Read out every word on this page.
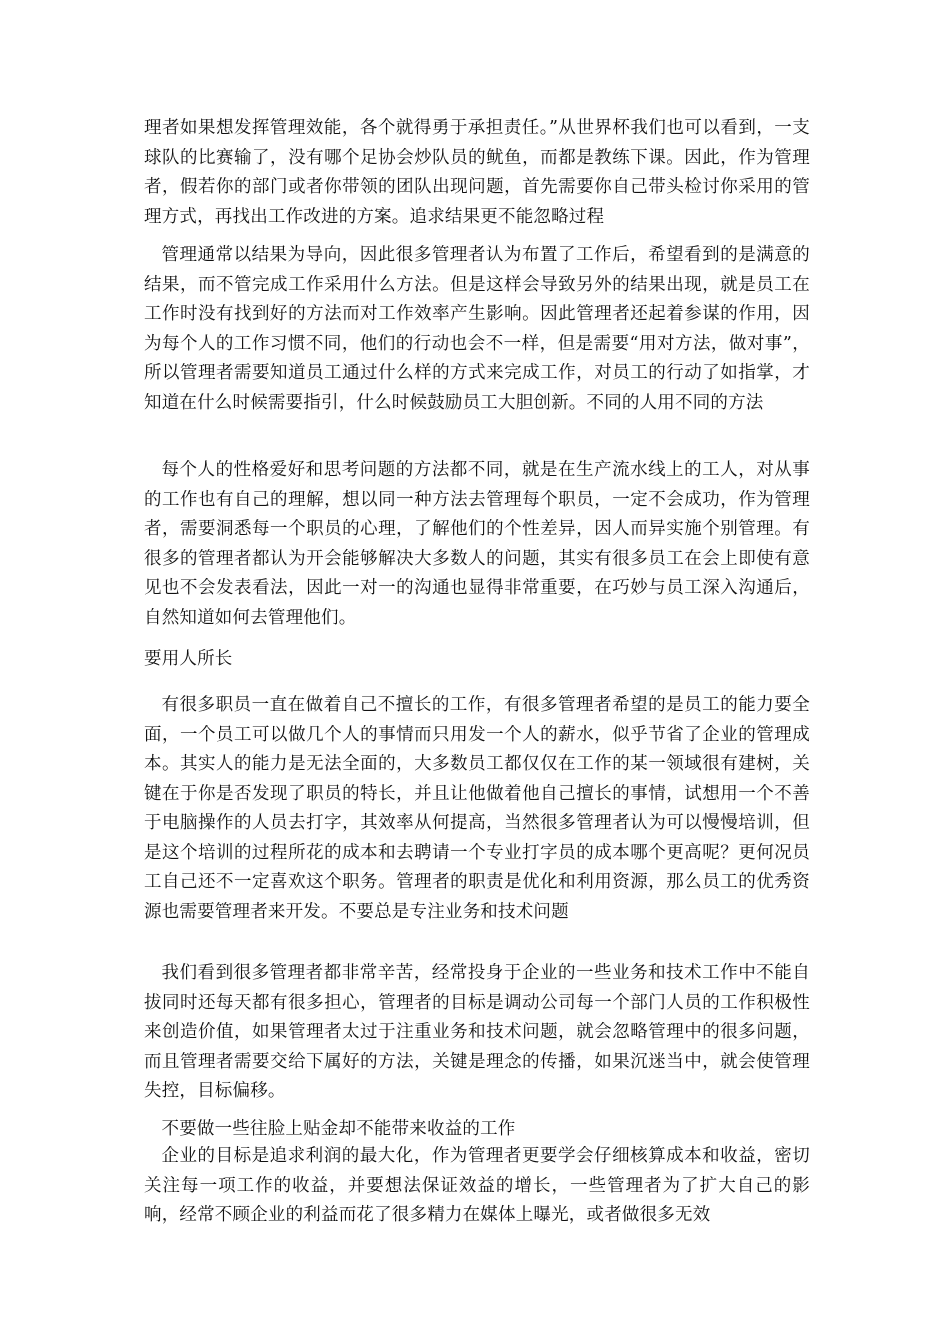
理者如果想发挥管理效能，各个就得勇于承担责任。”从世界杯我们也可以看到，一支球队的比赛输了，没有哪个足协会炒队员的鱿鱼，而都是教练下课。因此，作为管理者，假若你的部门或者你带领的团队出现问题，首先需要你自己带头检讨你采用的管理方式，再找出工作改进的方案。追求结果更不能忽略过程

管理通常以结果为导向，因此很多管理者认为布置了工作后，希望看到的是满意的结果，而不管完成工作采用什么方法。但是这样会导致另外的结果出现，就是员工在工作时没有找到好的方法而对工作效率产生影响。因此管理者还起着参谋的作用，因为每个人的工作习惯不同，他们的行动也会不一样，但是需要“用对方法，做对事”，所以管理者需要知道员工通过什么样的方式来完成工作，对员工的行动了如指掌，才知道在什么时候需要指引，什么时候鼓励员工大胆创新。不同的人用不同的方法

每个人的性格爱好和思考问题的方法都不同，就是在生产流水线上的工人，对从事的工作也有自己的理解，想以同一种方法去管理每个职员，一定不会成功，作为管理者，需要洞悉每一个职员的心理，了解他们的个性差异，因人而异实施个别管理。有很多的管理者都认为开会能够解决大多数人的问题，其实有很多员工在会上即使有意见也不会发表看法，因此一对一的沟通也显得非常重要，在巧妙与员工深入沟通后，自然知道如何去管理他们。

要用人所长

有很多职员一直在做着自己不擅长的工作，有很多管理者希望的是员工的能力要全面，一个员工可以做几个人的事情而只用发一个人的薪水，似乎节省了企业的管理成本。其实人的能力是无法全面的，大多数员工都仅仅在工作的某一领域很有建树，关键在于你是否发现了职员的特长，并且让他做着他自己擅长的事情，试想用一个不善于电脑操作的人员去打字，其效率从何提高，当然很多管理者认为可以慢慢培训，但是这个培训的过程所花的成本和去聘请一个专业打字员的成本哪个更高呢？更何况员工自己还不一定喜欢这个职务。管理者的职责是优化和利用资源，那么员工的优秀资源也需要管理者来开发。不要总是专注业务和技术问题

我们看到很多管理者都非常辛苦，经常投身于企业的一些业务和技术工作中不能自拔同时还每天都有很多担心，管理者的目标是调动公司每一个部门人员的工作积极性来创造价值，如果管理者太过于注重业务和技术问题，就会忽略管理中的很多问题，而且管理者需要交给下属好的方法，关键是理念的传播，如果沉迷当中，就会使管理失控，目标偏移。

不要做一些往脸上贴金却不能带来收益的工作

企业的目标是追求利润的最大化，作为管理者更要学会仔细核算成本和收益，密切关注每一项工作的收益，并要想法保证效益的增长，一些管理者为了扩大自己的影响，经常不顾企业的利益而花了很多精力在媒体上曝光，或者做很多无效
